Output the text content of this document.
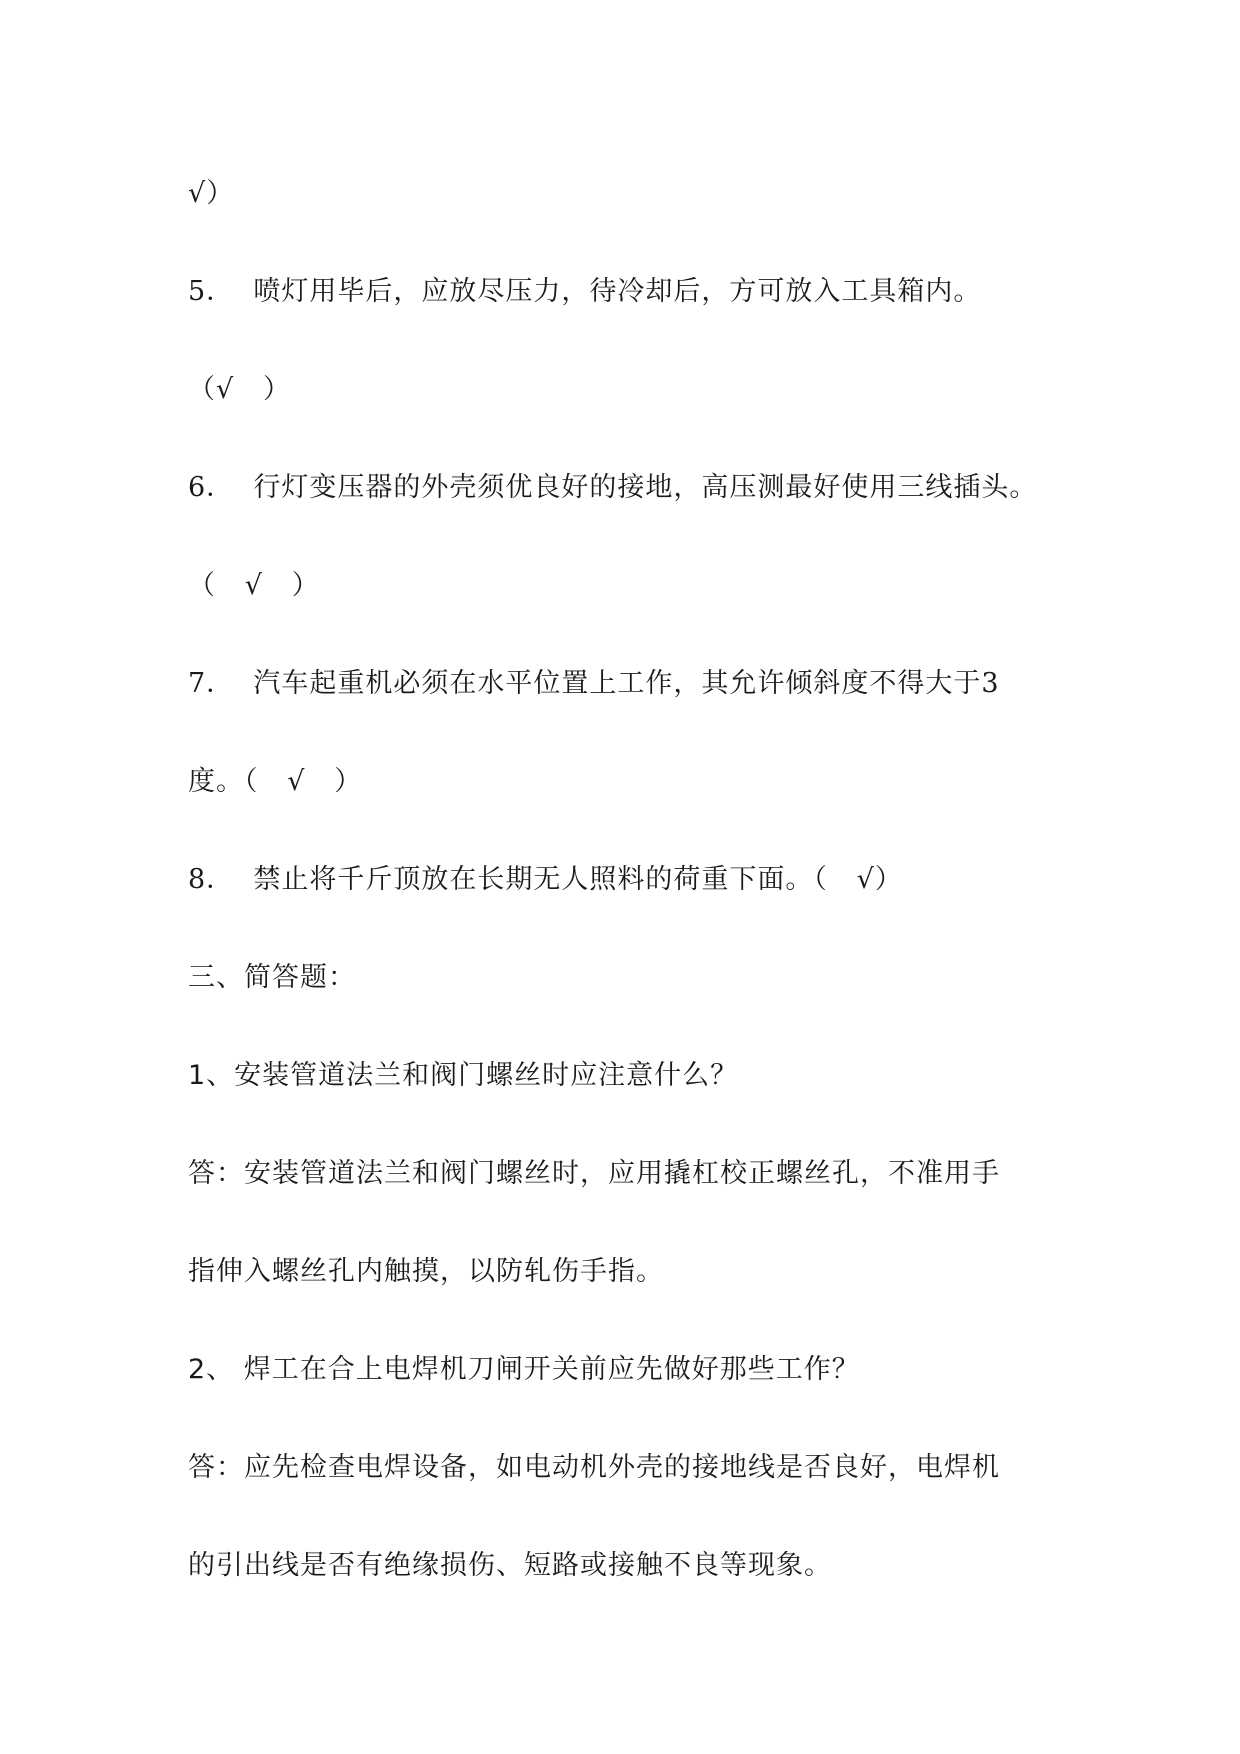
√）
5．  喷灯用毕后，应放尽压力，待冷却后，方可放入工具箱内。
（√   ）
6．  行灯变压器的外壳须优良好的接地，高压测最好使用三线插头。
（   √   ）
7．  汽车起重机必须在水平位置上工作，其允许倾斜度不得大于3
度。（   √   ）
8．  禁止将千斤顶放在长期无人照料的荷重下面。（   √）
三、简答题：
1、安装管道法兰和阀门螺丝时应注意什么？
答：安装管道法兰和阀门螺丝时，应用撬杠校正螺丝孔，不准用手
指伸入螺丝孔内触摸，以防轧伤手指。
2、 焊工在合上电焊机刀闸开关前应先做好那些工作？
答：应先检查电焊设备，如电动机外壳的接地线是否良好，电焊机
的引出线是否有绝缘损伤、短路或接触不良等现象。
